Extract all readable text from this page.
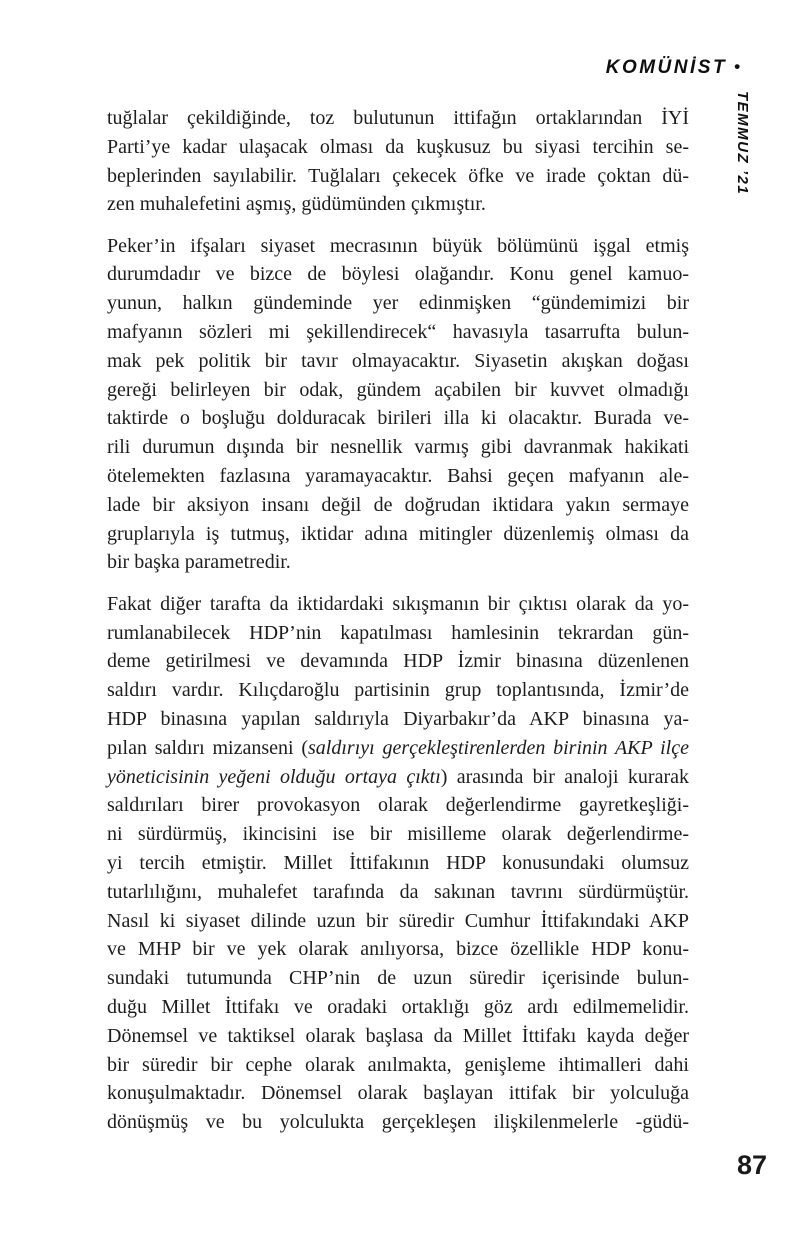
KOMÜNİST •
TEMMUZ ’21
tuğlalar çekildiğinde, toz bulutunun ittifağın ortaklarından İYİ
Parti’ye kadar ulaşacak olması da kuşkusuz bu siyasi tercihin se-
beplerinden sayılabilir. Tuğlaları çekecek öfke ve irade çoktan dü-
zen muhalefetini aşmış, güdümünden çıkmıştır.
Peker’in ifşaları siyaset mecrasının büyük bölümünü işgal etmiş
durumdadır ve bizce de böylesi olağandır. Konu genel kamuo-
yunun, halkın gündeminde yer edinmişken “gündemimizi bir
mafyanın sözleri mi şekillendirecek“ havasıyla tasarrufta bulun-
mak pek politik bir tavır olmayacaktır. Siyasetin akışkan doğası
gereği belirleyen bir odak, gündem açabilen bir kuvvet olmadığı
taktirde o boşluğu dolduracak birileri illa ki olacaktır. Burada ve-
rili durumun dışında bir nesnellik varmış gibi davranmak hakikati
ötelemekten fazlasına yaramayacaktır. Bahsi geçen mafyanın ale-
lade bir aksiyon insanı değil de doğrudan iktidara yakın sermaye
gruplarıyla iş tutmuş, iktidar adına mitingler düzenlemiş olması da
bir başka parametredir.
Fakat diğer tarafta da iktidardaki sıkışmanın bir çıktısı olarak da yo-
rumlanabilecek HDP’nin kapatılması hamlesinin tekrardan gün-
deme getirilmesi ve devamında HDP İzmir binasına düzenlenen
saldırı vardır. Kılıçdaroğlu partisinin grup toplantısında, İzmir’de
HDP binasına yapılan saldırıyla Diyarbakır’da AKP binasına ya-
pılan saldırı mizanseni (saldırıyı gerçekleştirenlerden birinin AKP ilçe
yöneticisinin yeğeni olduğu ortaya çıktı) arasında bir analoji kurarak
saldırıları birer provokasyon olarak değerlendirme gayretkeşliği-
ni sürdürmüş, ikincisini ise bir misilleme olarak değerlendirme-
yi tercih etmiştir. Millet İttifakının HDP konusundaki olumsuz
tutarlılığını, muhalefet tarafında da sakınan tavrını sürdürmüştür.
Nasıl ki siyaset dilinde uzun bir süredir Cumhur İttifakındaki AKP
ve MHP bir ve yek olarak anılıyorsa, bizce özellikle HDP konu-
sundaki tutumunda CHP’nin de uzun süredir içerisinde bulun-
duğu Millet İttifakı ve oradaki ortaklığı göz ardı edilmemelidir.
Dönemsel ve taktiksel olarak başlasa da Millet İttifakı kayda değer
bir süredir bir cephe olarak anılmakta, genişleme ihtimalleri dahi
konuşulmaktadır. Dönemsel olarak başlayan ittifak bir yolculuğa
dönüşmüş ve bu yolculukta gerçekleşen ilişkilenmelerle -güdü-
87
